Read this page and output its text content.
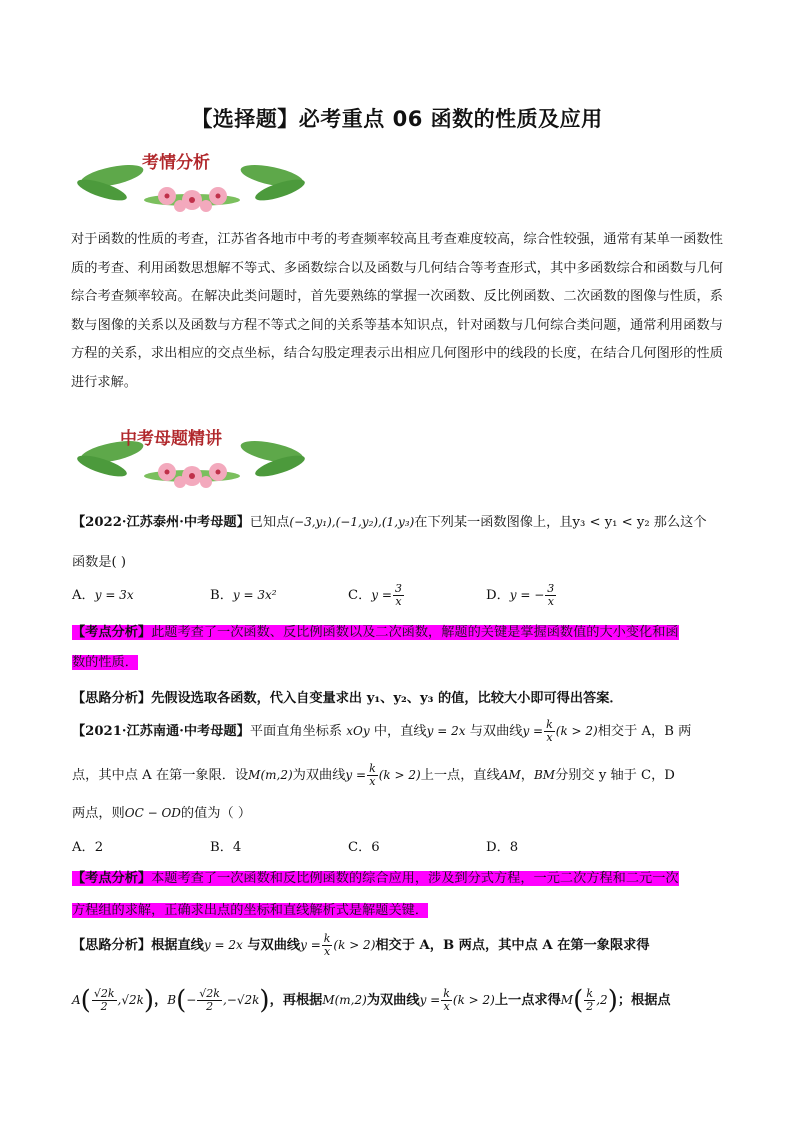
【选择题】必考重点 06 函数的性质及应用
考情分析
对于函数的性质的考查，江苏省各地市中考的考查频率较高且考查难度较高，综合性较强，通常有某单一函数性质的考查、利用函数思想解不等式、多函数综合以及函数与几何结合等考查形式，其中多函数综合和函数与几何综合考查频率较高。在解决此类问题时，首先要熟练的掌握一次函数、反比例函数、二次函数的图像与性质，系数与图像的关系以及函数与方程不等式之间的关系等基本知识点，针对函数与几何综合类问题，通常利用函数与方程的关系，求出相应的交点坐标，结合勾股定理表示出相应几何图形中的线段的长度，在结合几何图形的性质进行求解。
中考母题精讲
【2022·江苏泰州·中考母题】已知点(−3,y₁),(−1,y₂),(1,y₃)在下列某一函数图像上，且y₃ < y₁ < y₂ 那么这个
函数是( )
A．y = 3x	B．y = 3x²	C．$y = \frac{3}{x}$	D．y = − $\frac{3}{x}$
【考点分析】此题考查了一次函数、反比例函数以及二次函数，解题的关键是掌握函数值的大小变化和函
数的性质．
【思路分析】先假设选取各函数，代入自变量求出 y₁、y₂、y₃ 的值，比较大小即可得出答案．
【2021·江苏南通·中考母题】平面直角坐标系 xOy 中，直线y = 2x 与双曲线$y = \frac{k}{x} (k > 2)$相交于 A，B 两
点，其中点 A 在第一象限．设M(m,2)为双曲线$y = \frac{k}{x} (k > 2)$上一点，直线AM，BM分别交 y 轴于 C，D
两点，则OC − OD的值为（ ）
A．2	B．4	C．6	D．8
【考点分析】本题考查了一次函数和反比例函数的综合应用，涉及到分式方程，一元二次方程和二元一次
方程组的求解，正确求出点的坐标和直线解析式是解题关键．
【思路分析】根据直线y = 2x 与双曲线$y = \frac{k}{x} (k > 2)$相交于 A，B 两点，其中点 A 在第一象限求得
$A( \frac{√2k}{2} ,√2k)$，$B(- \frac{√2k}{2} ,-√2k)$，再根据M(m,2)为双曲线$y = \frac{k}{x} (k > 2)$上一点求得$M( \frac{k}{2} ,2)$；根据点
